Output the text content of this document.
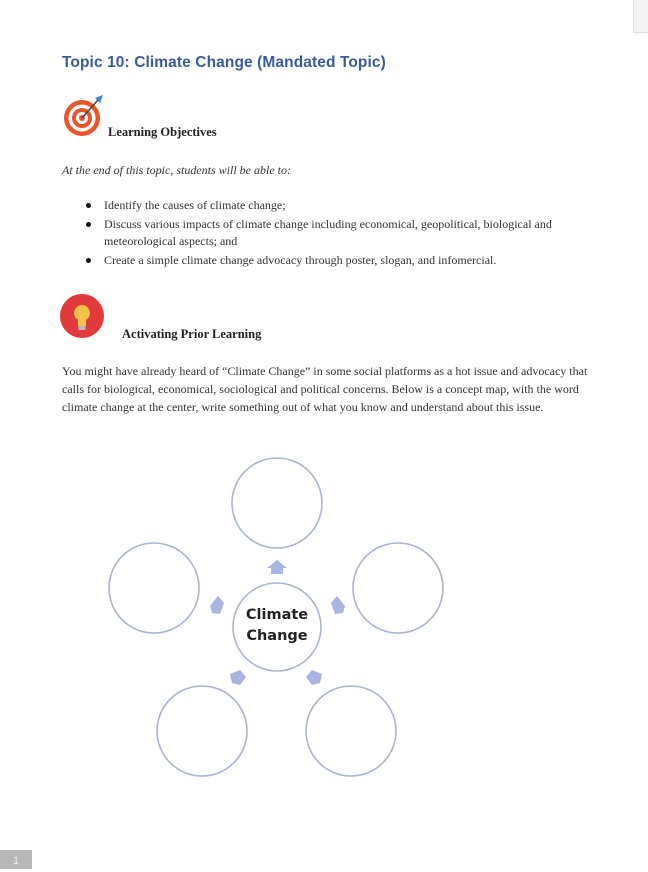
Topic 10: Climate Change (Mandated Topic)
Learning Objectives
At the end of this topic, students will be able to:
Identify the causes of climate change;
Discuss various impacts of climate change including economical, geopolitical, biological and meteorological aspects; and
Create a simple climate change advocacy through poster, slogan, and infomercial.
Activating Prior Learning
You might have already heard of “Climate Change” in some social platforms as a hot issue and advocacy that calls for biological, economical, sociological and political concerns. Below is a concept map, with the word climate change at the center, write something out of what you know and understand about this issue.
Climate
Change
1
